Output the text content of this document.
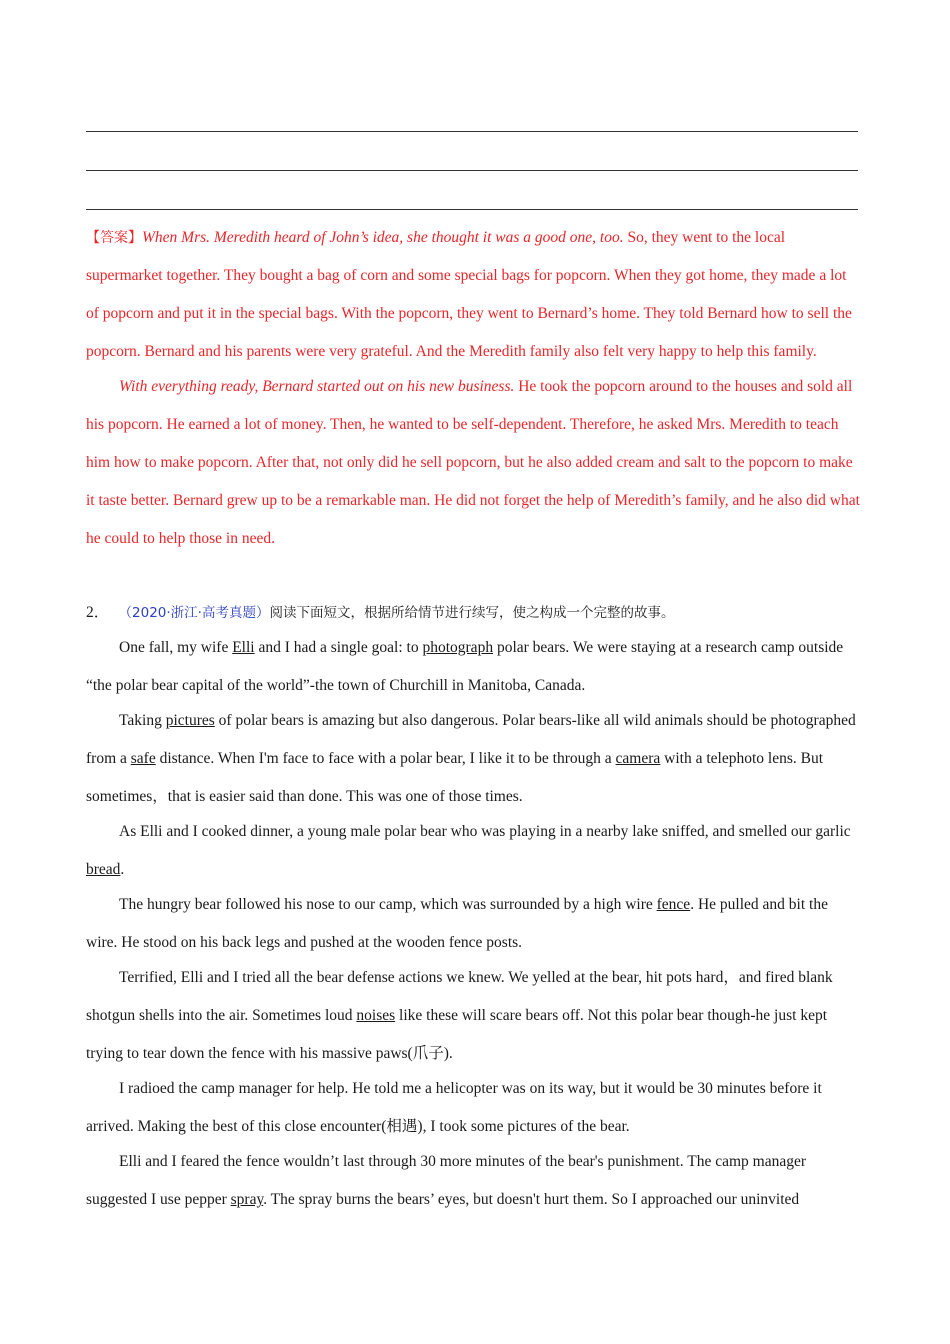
【答案】When Mrs. Meredith heard of John’s idea, she thought it was a good one, too. So, they went to the local supermarket together. They bought a bag of corn and some special bags for popcorn. When they got home, they made a lot of popcorn and put it in the special bags. With the popcorn, they went to Bernard’s home. They told Bernard how to sell the popcorn. Bernard and his parents were very grateful. And the Meredith family also felt very happy to help this family.

With everything ready, Bernard started out on his new business. He took the popcorn around to the houses and sold all his popcorn. He earned a lot of money. Then, he wanted to be self-dependent. Therefore, he asked Mrs. Meredith to teach him how to make popcorn. After that, not only did he sell popcorn, but he also added cream and salt to the popcorn to make it taste better. Bernard grew up to be a remarkable man. He did not forget the help of Meredith’s family, and he also did what he could to help those in need.

2． （2020·浙江·高考真题）阅读下面短文，根据所给情节进行续写，使之构成一个完整的故事。

One fall, my wife Elli and I had a single goal: to photograph polar bears. We were staying at a research camp outside “the polar bear capital of the world”-the town of Churchill in Manitoba, Canada.

Taking pictures of polar bears is amazing but also dangerous. Polar bears-like all wild animals should be photographed from a safe distance. When I'm face to face with a polar bear, I like it to be through a camera with a telephoto lens. But sometimes，that is easier said than done. This was one of those times.

As Elli and I cooked dinner, a young male polar bear who was playing in a nearby lake sniffed, and smelled our garlic bread.

The hungry bear followed his nose to our camp, which was surrounded by a high wire fence. He pulled and bit the wire. He stood on his back legs and pushed at the wooden fence posts.

Terrified, Elli and I tried all the bear defense actions we knew. We yelled at the bear, hit pots hard，and fired blank shotgun shells into the air. Sometimes loud noises like these will scare bears off. Not this polar bear though-he just kept trying to tear down the fence with his massive paws(爪子).

I radioed the camp manager for help. He told me a helicopter was on its way, but it would be 30 minutes before it arrived. Making the best of this close encounter(相遇), I took some pictures of the bear.

Elli and I feared the fence wouldn’t last through 30 more minutes of the bear's punishment. The camp manager suggested I use pepper spray. The spray burns the bears’ eyes, but doesn't hurt them. So I approached our uninvited
